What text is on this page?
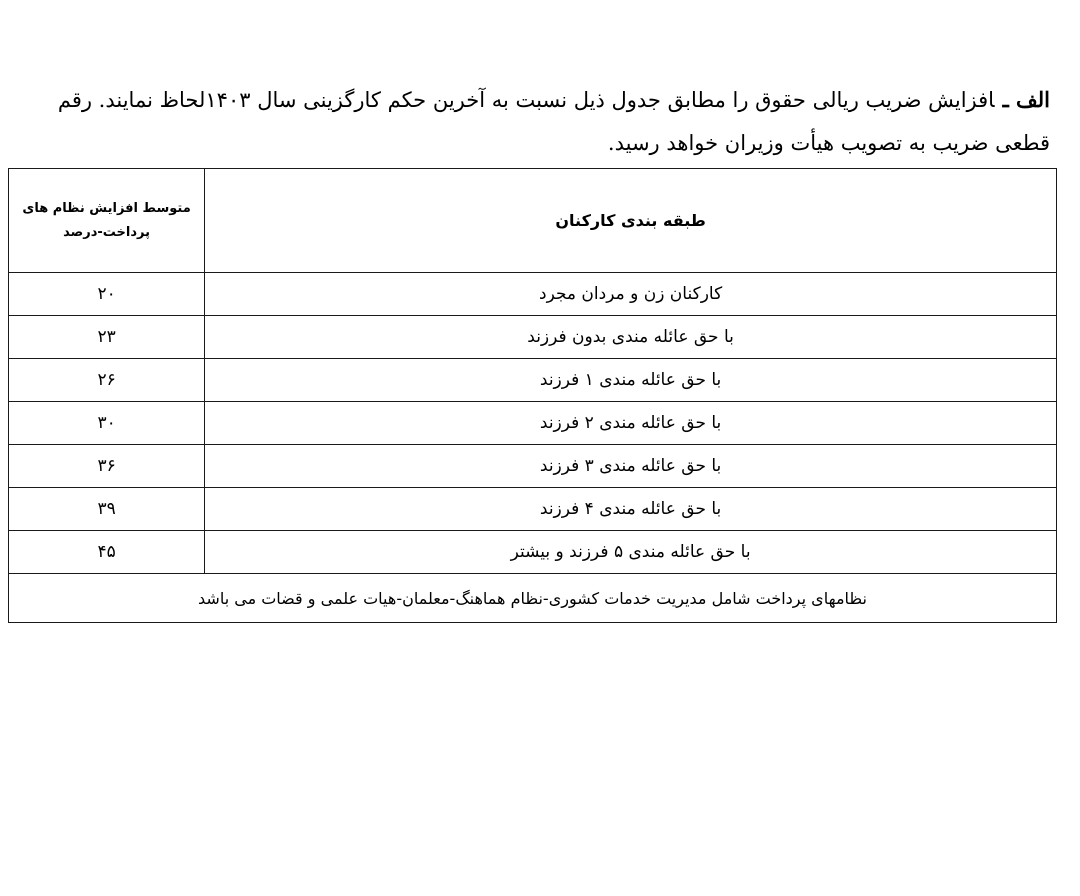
الف ـافزایش ضریب ریالی حقوق را مطابق جدول ذیل نسبت به آخرین حکم کارگزینی سال ۱۴۰۳لحاظ نمایند. رقم قطعی ضریب به تصویب هیأت وزیران خواهد رسید.
طبقه بندی کارکنان	متوسط افزایش نظام های پرداخت-درصد
کارکنان زن و مردان مجرد	۲۰
با حق عائله مندی بدون فرزند	۲۳
با حق عائله مندی ۱ فرزند	۲۶
با حق عائله مندی ۲ فرزند	۳۰
با حق عائله مندی ۳ فرزند	۳۶
با حق عائله مندی ۴ فرزند	۳۹
با حق عائله مندی ۵ فرزند و بیشتر	۴۵
نظامهای پرداخت شامل مدیریت خدمات کشوری-نظام هماهنگ-معلمان-هیات علمی و قضات می باشد	
